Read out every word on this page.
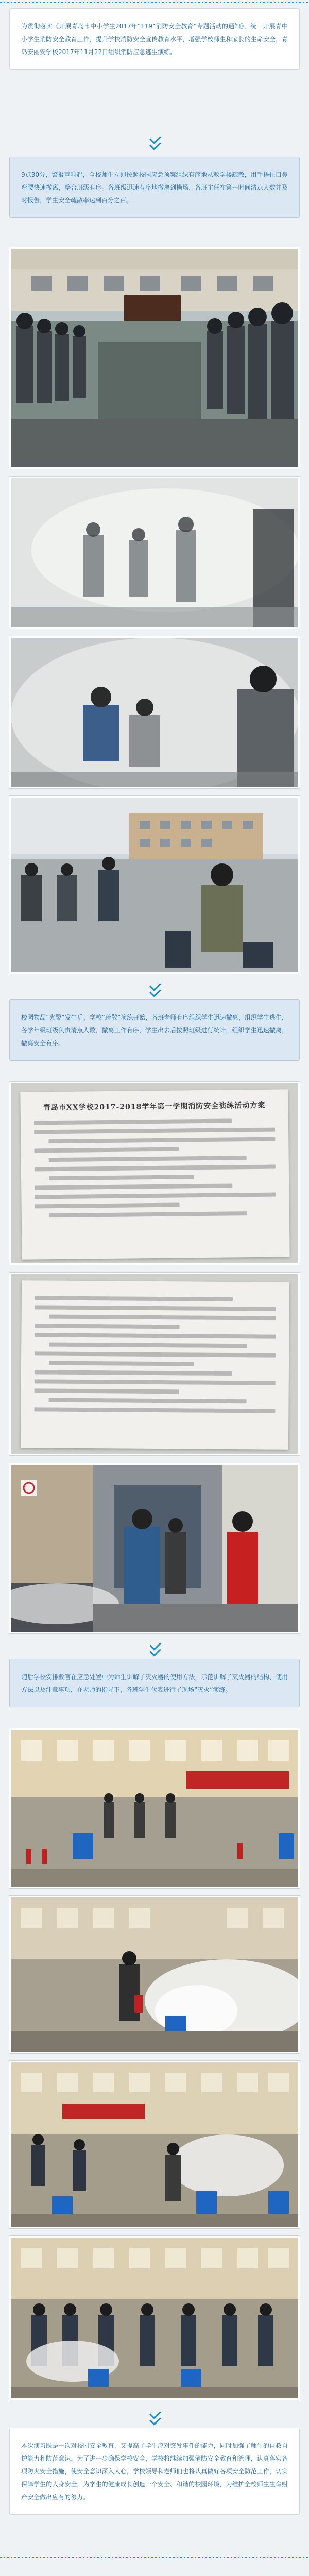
为贯彻落实《开展青岛市中小学生2017年“119”消防安全教育”专题活动的通知》，统一开展青中小学生消防安全教育工作，提升学校消防安全宣传教育水平，增强学校师生和家长的生命安全，青岛安丽安学校2017年11月22日组织消防应急逃生演练。

9点30分，警报声响起，全校师生立即按照校园应急预案组织有序地从教学楼疏散，用手捂住口鼻弯腰快速撤离，整合班级有序。各班级迅速有序地撤离到操场，各班主任在第一时间清点人数并及时报告，学生安全疏散率达到百分之百。

校园物品“火警”发生后，学校“疏散”演练开始，各班老师有序组织学生迅速撤离，组织学生逃生，各学年级班级负责清点人数，撤离工作有序，学生出去后按照班级进行统计，组织学生迅速撤离，撤离安全有序。

青岛市XX学校2017-2018学年第一学期消防安全演练活动方案

随后学校安排教官在应急处置中为师生讲解了灭火器的使用方法，示范讲解了灭火器的结构、使用方法以及注意事项，在老师的指导下，各班学生代表进行了现场“灭火”演练。

本次演习既是一次对校园安全教育，又提高了学生应对突发事件的能力，同时加强了师生的自救自护能力和防范意识。为了进一步确保学校安全，学校将继续加强消防安全教育和管理，认真落实各项防火安全措施，使安全意识深入人心，学校领导和老师们也将认真做好各项安全防范工作，切实保障学生的人身安全，为学生的健康成长创造一个安全、和谐的校园环境，为维护全校师生生命财产安全做出应有的努力。
